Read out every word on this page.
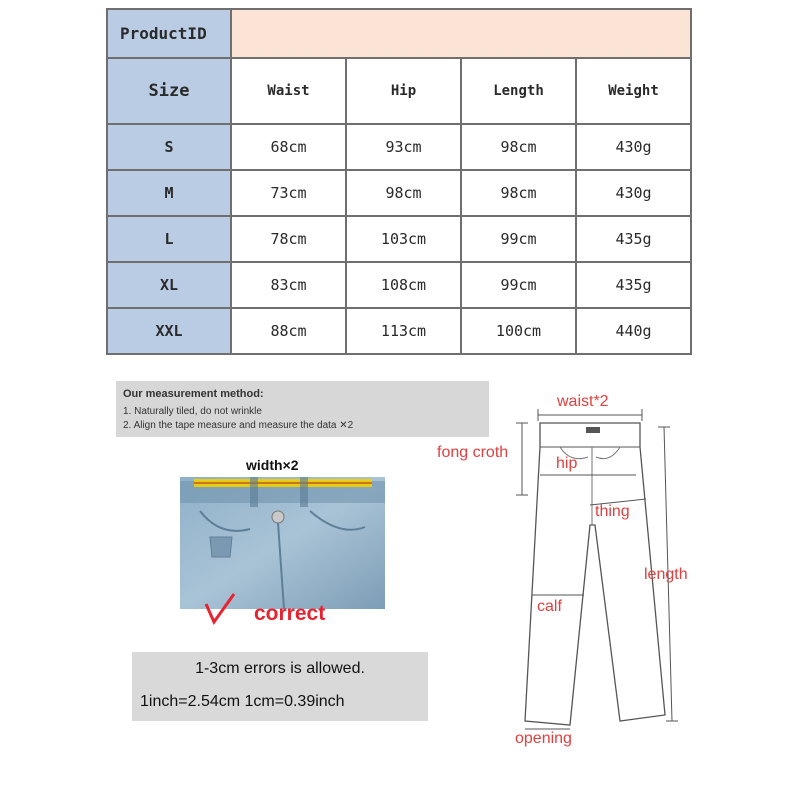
ProductID				
Size	Waist	Hip	Length	Weight
S	68cm	93cm	98cm	430g
M	73cm	98cm	98cm	430g
L	78cm	103cm	99cm	435g
XL	83cm	108cm	99cm	435g
XXL	88cm	113cm	100cm	440g
Our measurement method:
1. Naturally tiled, do not wrinkle
2. Align the tape measure and measure the data ✕2
width×2
correct
1-3cm errors is allowed.
1inch=2.54cm 1cm=0.39inch
waist*2
fong croth
hip
thing
length
calf
opening
